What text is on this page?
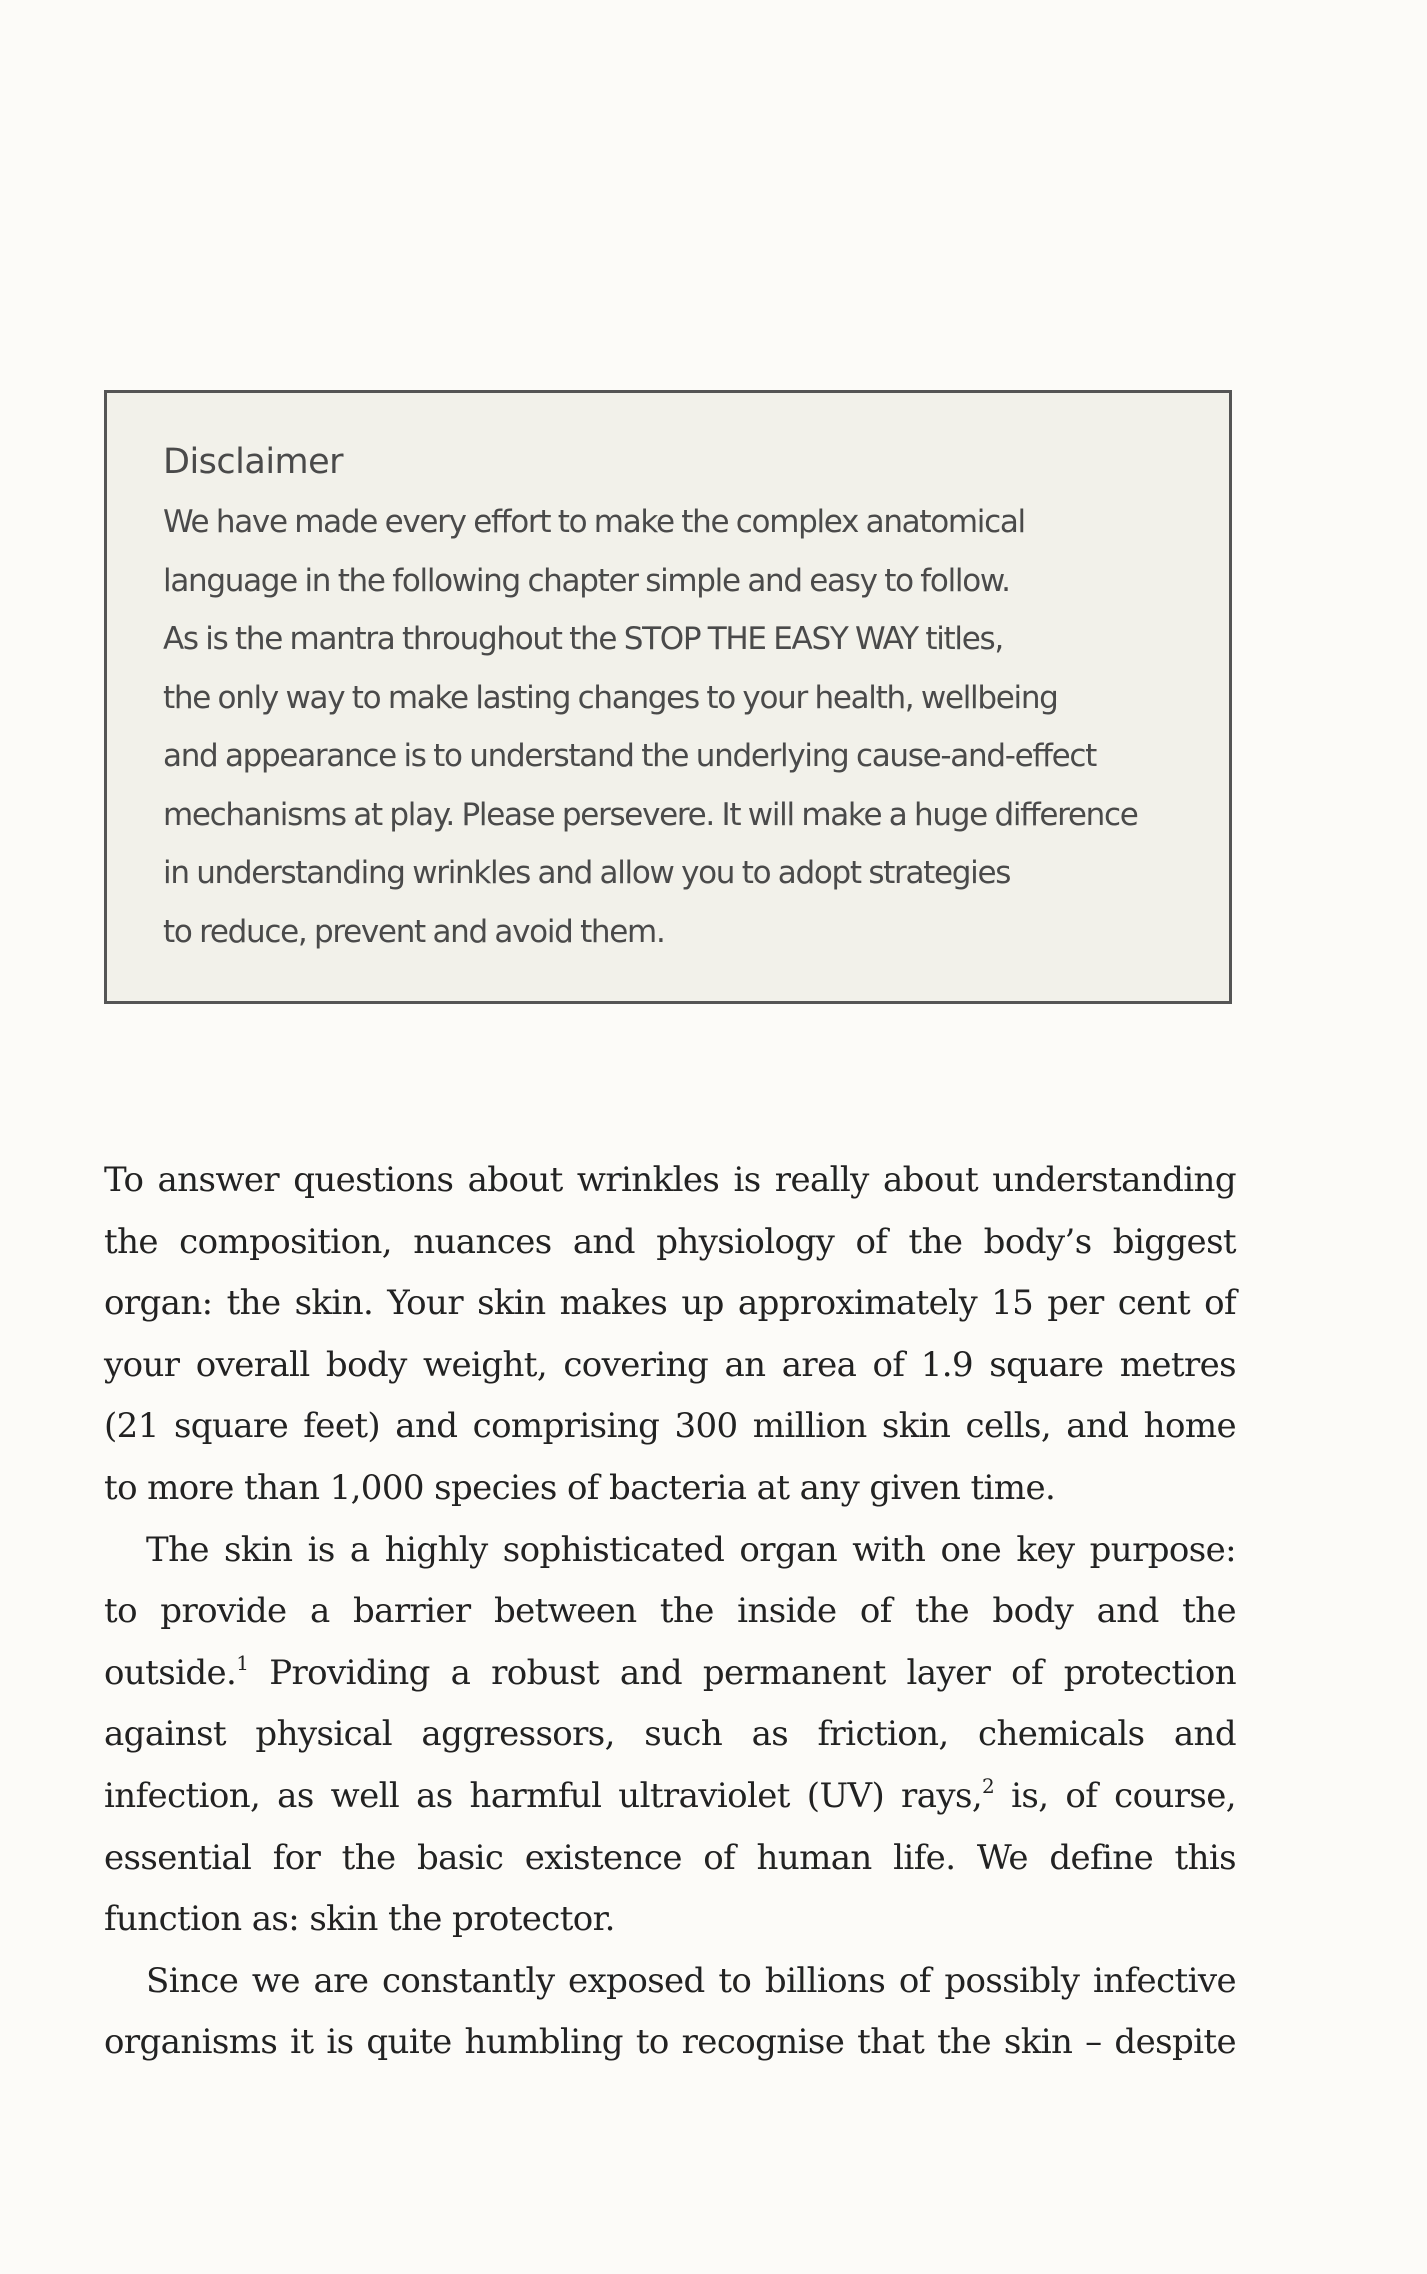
Disclaimer
We have made every effort to make the complex anatomical
language in the following chapter simple and easy to follow.
As is the mantra throughout the STOP THE EASY WAY titles,
the only way to make lasting changes to your health, wellbeing
and appearance is to understand the underlying cause-and-effect
mechanisms at play. Please persevere. It will make a huge difference
in understanding wrinkles and allow you to adopt strategies
to reduce, prevent and avoid them.
To answer questions about wrinkles is really about understanding
the composition, nuances and physiology of the body’s biggest
organ: the skin. Your skin makes up approximately 15 per cent of
your overall body weight, covering an area of 1.9 square metres
(21 square feet) and comprising 300 million skin cells, and home
to more than 1,000 species of bacteria at any given time.
The skin is a highly sophisticated organ with one key purpose:
to provide a barrier between the inside of the body and the
outside.$^1$ Providing a robust and permanent layer of protection
against physical aggressors, such as friction, chemicals and
infection, as well as harmful ultraviolet (UV) rays,$^2$ is, of course,
essential for the basic existence of human life. We define this
function as: skin the protector.
Since we are constantly exposed to billions of possibly infective
organisms it is quite humbling to recognise that the skin – despite
